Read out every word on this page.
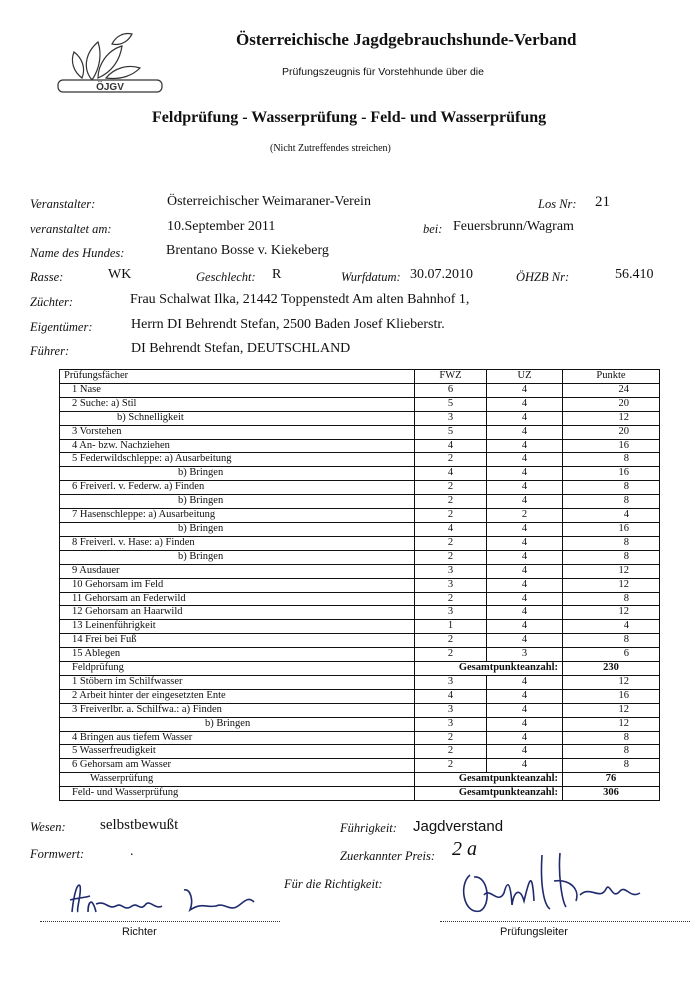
ÖJGV
Österreichische Jagdgebrauchshunde-Verband
Prüfungszeugnis für Vorstehhunde über die
Feldprüfung - Wasserprüfung - Feld- und Wasserprüfung
(Nicht Zutreffendes streichen)
Veranstalter:	Österreichischer Weimaraner-Verein	Los Nr: 21
veranstaltet am:	10.September 2011	bei: Feuersbrunn/Wagram
Name des Hundes:	Brentano Bosse v. Kiekeberg
Rasse:	WK	Geschlecht: R	Wurfdatum: 30.07.2010	ÖHZB Nr:	56.410
Züchter:	Frau Schalwat Ilka, 21442 Toppenstedt Am alten Bahnhof 1,
Eigentümer:	Herrn DI Behrendt Stefan, 2500 Baden Josef Klieberstr.
Führer:	DI Behrendt Stefan, DEUTSCHLAND
Prüfungsfächer	FWZ	UZ	Punkte
1 Nase	6	4	24
2 Suche: a) Stil	5	4	20
b) Schnelligkeit	3	4	12
3 Vorstehen	5	4	20
4 An- bzw. Nachziehen	4	4	16
5 Federwildschleppe: a) Ausarbeitung	2	4	8
b) Bringen	4	4	16
6 Freiverl. v. Federw. a) Finden	2	4	8
b) Bringen	2	4	8
7 Hasenschleppe: a) Ausarbeitung	2	2	4
b) Bringen	4	4	16
8 Freiverl. v. Hase: a) Finden	2	4	8
b) Bringen	2	4	8
9 Ausdauer	3	4	12
10 Gehorsam im Feld	3	4	12
11 Gehorsam an Federwild	2	4	8
12 Gehorsam an Haarwild	3	4	12
13 Leinenführigkeit	1	4	4
14 Frei bei Fuß	2	4	8
15 Ablegen	2	3	6
Feldprüfung	Gesamtpunkteanzahl:		230
1 Stöbern im Schilfwasser	3	4	12
2 Arbeit hinter der eingesetzten Ente	4	4	16
3 Freiverlbr. a. Schilfwa.: a) Finden	3	4	12
b) Bringen	3	4	12
4 Bringen aus tiefem Wasser	2	4	8
5 Wasserfreudigkeit	2	4	8
6 Gehorsam am Wasser	2	4	8
Wasserprüfung	Gesamtpunkteanzahl:		76
Feld- und Wasserprüfung	Gesamtpunkteanzahl:		306
Wesen: selbstbewußt	Führigkeit: Jagdverstand
Formwert:	.	Zuerkannter Preis: 2 a
Für die Richtigkeit:
Richter	Prüfungsleiter
